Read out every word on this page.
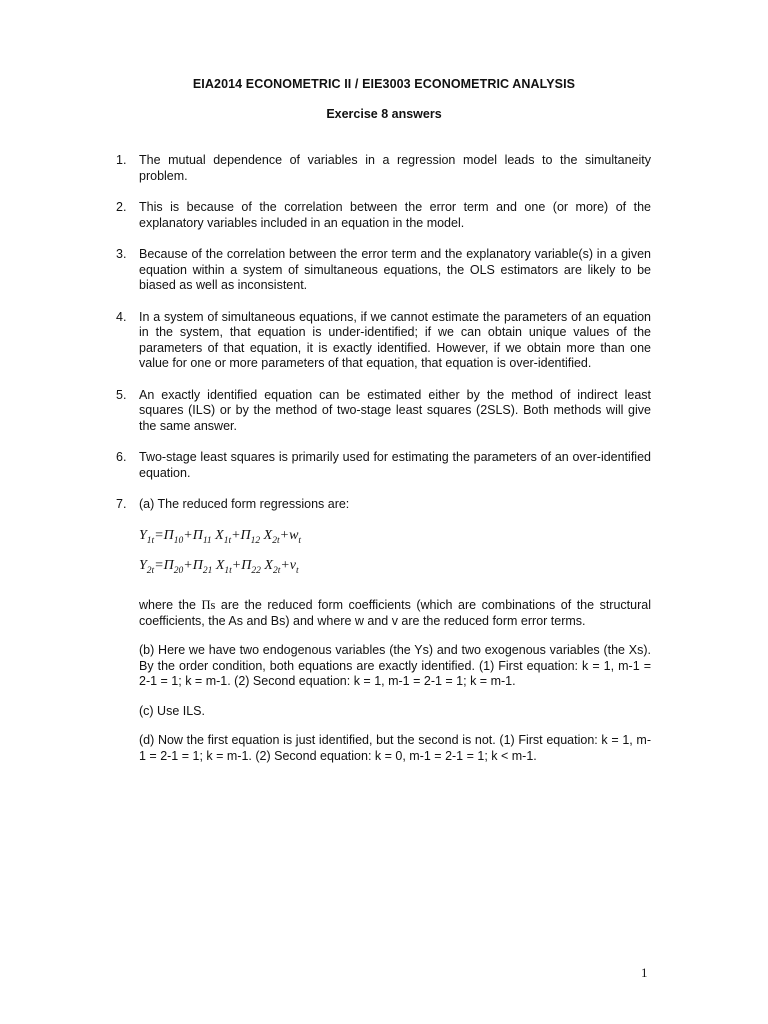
EIA2014 ECONOMETRIC II / EIE3003 ECONOMETRIC ANALYSIS
Exercise 8 answers
1. The mutual dependence of variables in a regression model leads to the simultaneity problem.
2. This is because of the correlation between the error term and one (or more) of the explanatory variables included in an equation in the model.
3. Because of the correlation between the error term and the explanatory variable(s) in a given equation within a system of simultaneous equations, the OLS estimators are likely to be biased as well as inconsistent.
4. In a system of simultaneous equations, if we cannot estimate the parameters of an equation in the system, that equation is under-identified; if we can obtain unique values of the parameters of that equation, it is exactly identified. However, if we obtain more than one value for one or more parameters of that equation, that equation is over-identified.
5. An exactly identified equation can be estimated either by the method of indirect least squares (ILS) or by the method of two-stage least squares (2SLS). Both methods will give the same answer.
6. Two-stage least squares is primarily used for estimating the parameters of an over-identified equation.
7. (a) The reduced form regressions are:
$Y_{1t}=\Pi_{10}+\Pi_{11}$ $X_{1t}+\Pi_{12}$ $X_{2t}+w_t$
$Y_{2t}=\Pi_{20}+\Pi_{21}$ $X_{1t}+\Pi_{22}$ $X_{2t}+v_t$
where the Πs are the reduced form coefficients (which are combinations of the structural coefficients, the As and Bs) and where w and v are the reduced form error terms.
(b) Here we have two endogenous variables (the Ys) and two exogenous variables (the Xs). By the order condition, both equations are exactly identified. (1) First equation: k = 1, m-1 = 2-1 = 1; k = m-1. (2) Second equation: k = 1, m-1 = 2-1 = 1; k = m-1.
(c) Use ILS.
(d) Now the first equation is just identified, but the second is not. (1) First equation: k = 1, m-1 = 2-1 = 1; k = m-1. (2) Second equation: k = 0, m-1 = 2-1 = 1; k < m-1.
1
